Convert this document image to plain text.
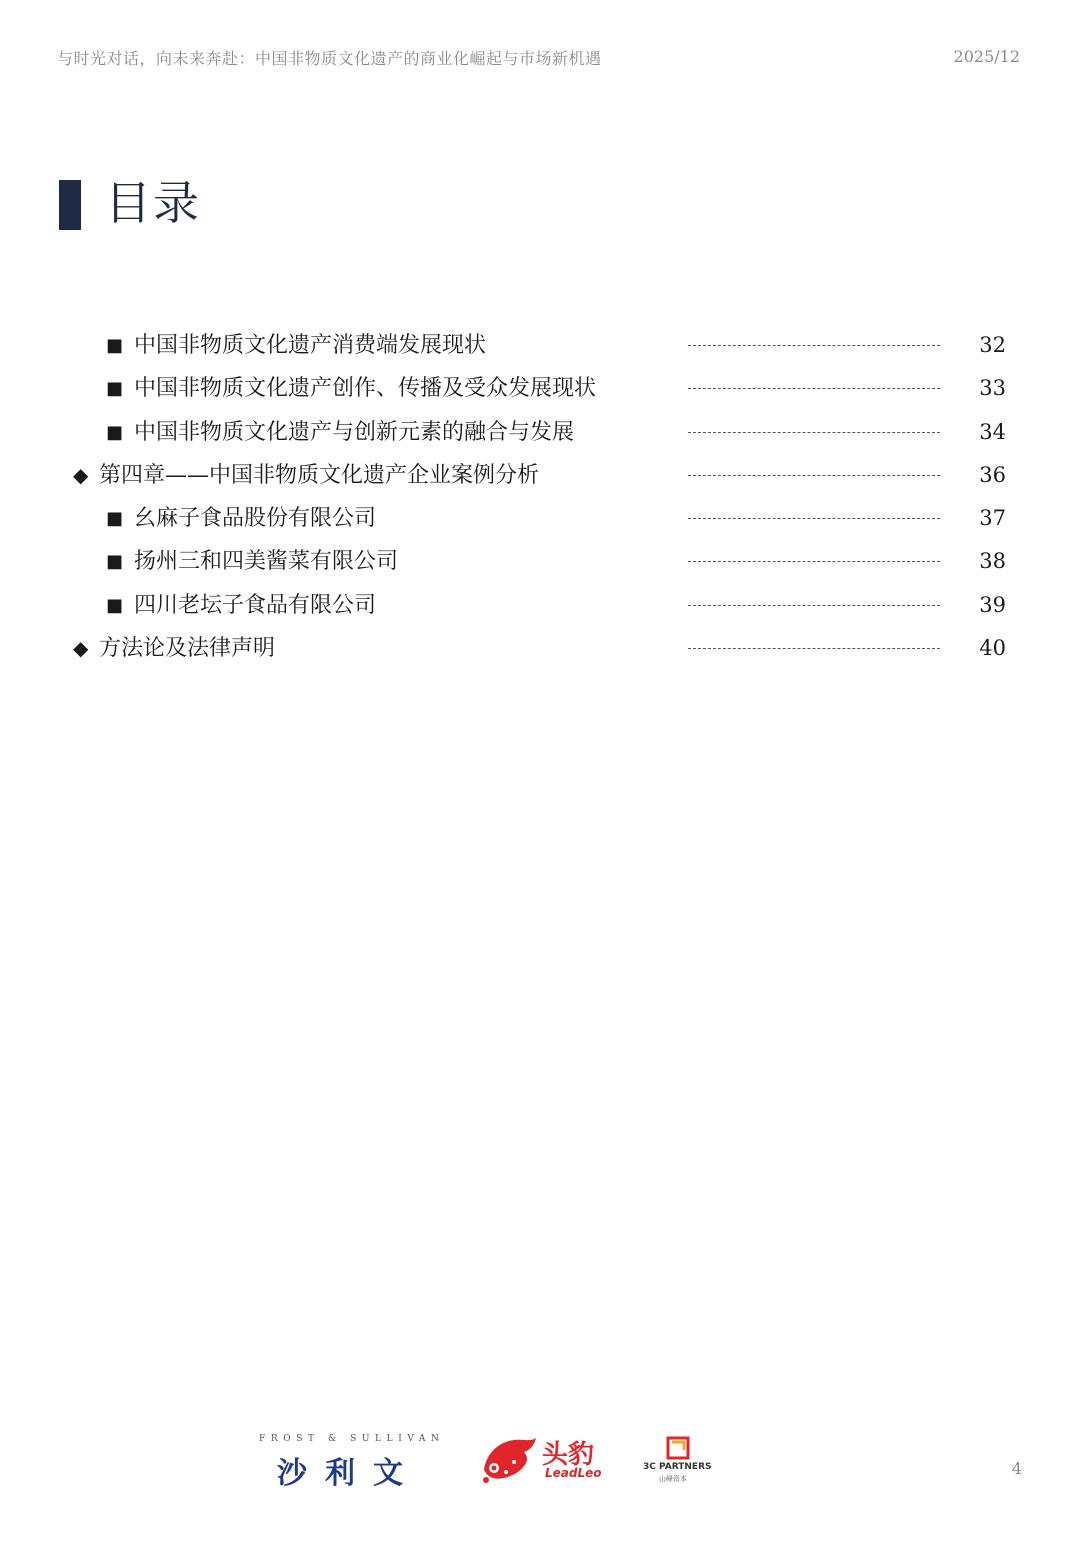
与时光对话，向未来奔赴：中国非物质文化遗产的商业化崛起与市场新机遇	2025/12
目录
■ 中国非物质文化遗产消费端发展现状	32
■ 中国非物质文化遗产创作、传播及受众发展现状	33
■ 中国非物质文化遗产与创新元素的融合与发展	34
◆ 第四章——中国非物质文化遗产企业案例分析	36
■ 幺麻子食品股份有限公司	37
■ 扬州三和四美酱菜有限公司	38
■ 四川老坛子食品有限公司	39
◆ 方法论及法律声明	40
FROST & SULLIVAN
沙利文
头豹
LeadLeo	3C PARTNERS
山峰资本
4
